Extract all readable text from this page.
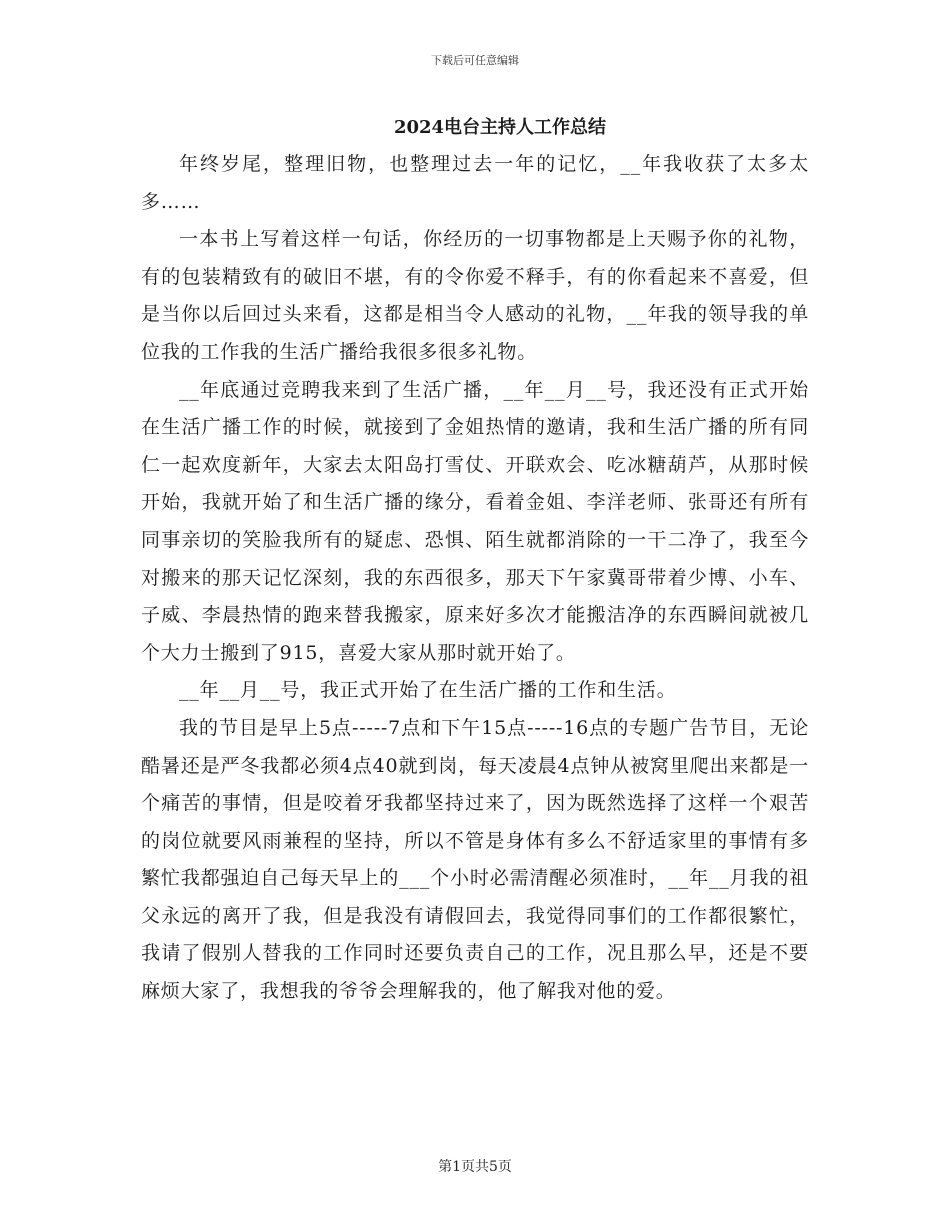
下载后可任意编辑
2024电台主持人工作总结

年终岁尾，整理旧物，也整理过去一年的记忆，__年我收获了太多太多……

一本书上写着这样一句话，你经历的一切事物都是上天赐予你的礼物，有的包装精致有的破旧不堪，有的令你爱不释手，有的你看起来不喜爱，但是当你以后回过头来看，这都是相当令人感动的礼物，__年我的领导我的单位我的工作我的生活广播给我很多很多礼物。

__年底通过竞聘我来到了生活广播，__年__月__号，我还没有正式开始在生活广播工作的时候，就接到了金姐热情的邀请，我和生活广播的所有同仁一起欢度新年，大家去太阳岛打雪仗、开联欢会、吃冰糖葫芦，从那时候开始，我就开始了和生活广播的缘分，看着金姐、李洋老师、张哥还有所有同事亲切的笑脸我所有的疑虑、恐惧、陌生就都消除的一干二净了，我至今对搬来的那天记忆深刻，我的东西很多，那天下午家冀哥带着少博、小车、子威、李晨热情的跑来替我搬家，原来好多次才能搬洁净的东西瞬间就被几个大力士搬到了915，喜爱大家从那时就开始了。

__年__月__号，我正式开始了在生活广播的工作和生活。

我的节目是早上5点-----7点和下午15点-----16点的专题广告节目，无论酷暑还是严冬我都必须4点40就到岗，每天凌晨4点钟从被窝里爬出来都是一个痛苦的事情，但是咬着牙我都坚持过来了，因为既然选择了这样一个艰苦的岗位就要风雨兼程的坚持，所以不管是身体有多么不舒适家里的事情有多繁忙我都强迫自己每天早上的___个小时必需清醒必须准时，__年__月我的祖父永远的离开了我，但是我没有请假回去，我觉得同事们的工作都很繁忙，我请了假别人替我的工作同时还要负责自己的工作，况且那么早，还是不要麻烦大家了，我想我的爷爷会理解我的，他了解我对他的爱。

第1页共5页
